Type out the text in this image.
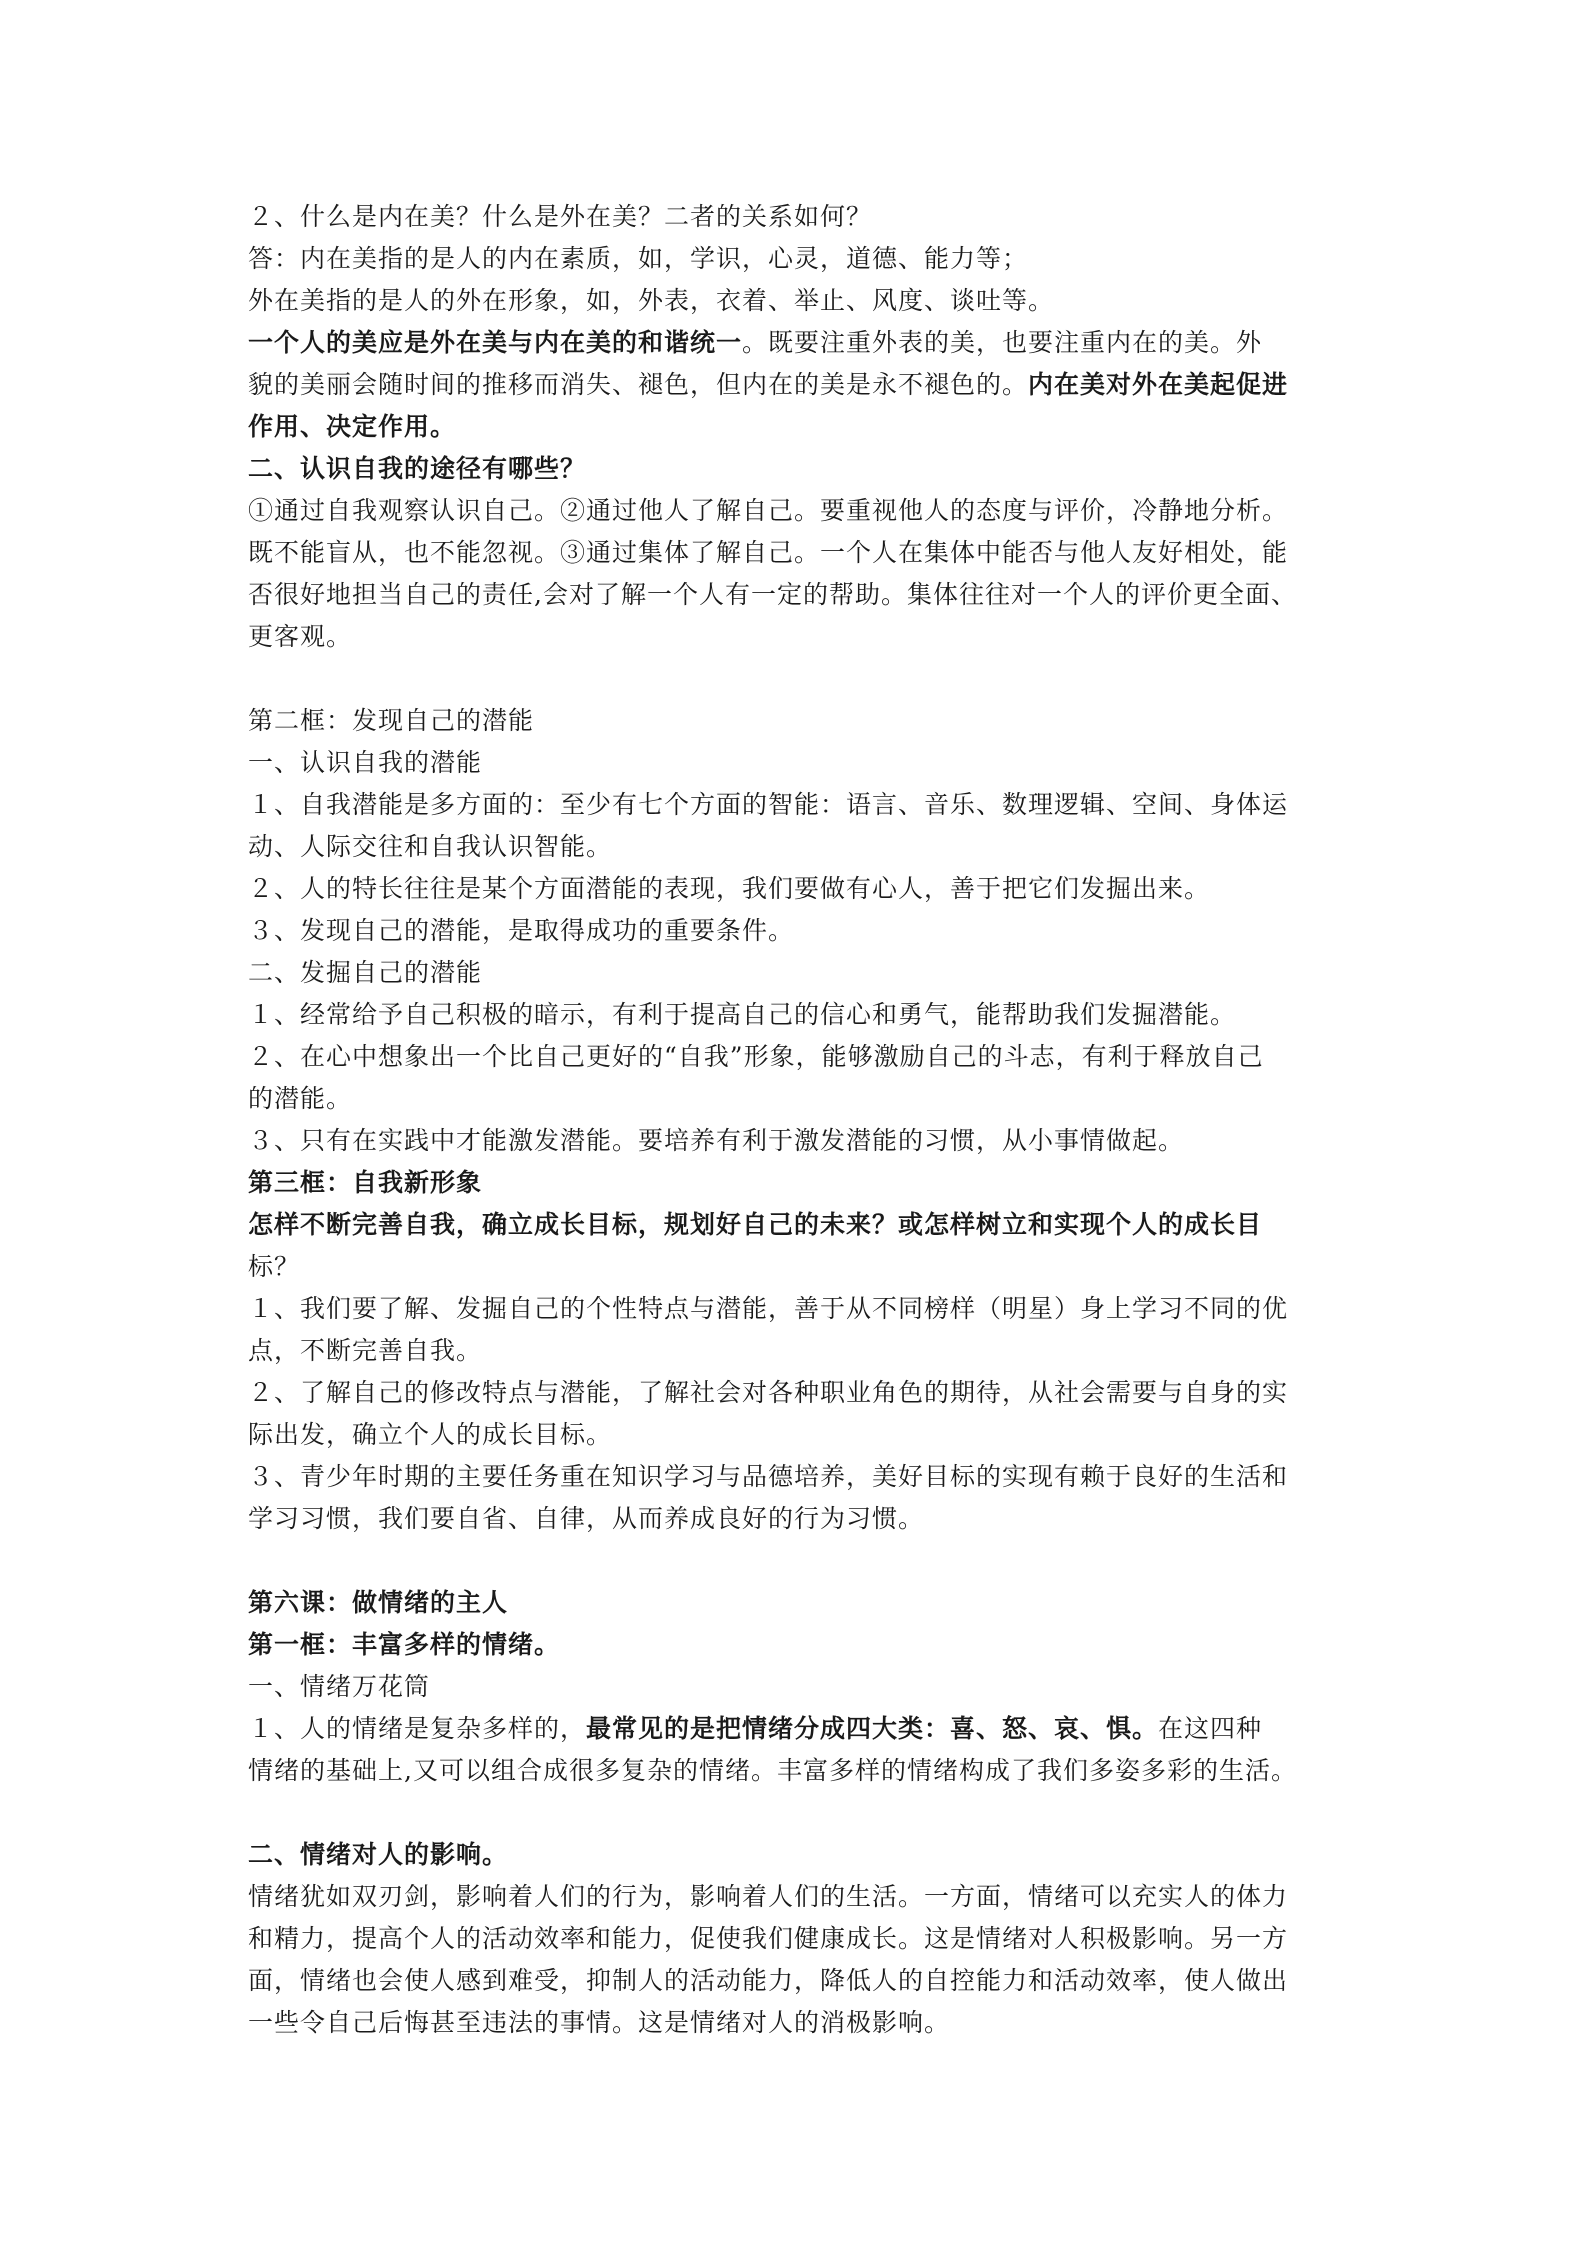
２、什么是内在美？什么是外在美？二者的关系如何？
答：内在美指的是人的内在素质，如，学识，心灵，道德、能力等；
外在美指的是人的外在形象，如，外表，衣着、举止、风度、谈吐等。
一个人的美应是外在美与内在美的和谐统一。既要注重外表的美，也要注重内在的美。外
貌的美丽会随时间的推移而消失、褪色，但内在的美是永不褪色的。内在美对外在美起促进
作用、决定作用。
二、认识自我的途径有哪些？
①通过自我观察认识自己。②通过他人了解自己。要重视他人的态度与评价，冷静地分析。
既不能盲从，也不能忽视。③通过集体了解自己。一个人在集体中能否与他人友好相处，能
否很好地担当自己的责任,会对了解一个人有一定的帮助。集体往往对一个人的评价更全面、
更客观。
第二框：发现自己的潜能
一、认识自我的潜能
１、自我潜能是多方面的：至少有七个方面的智能：语言、音乐、数理逻辑、空间、身体运
动、人际交往和自我认识智能。
２、人的特长往往是某个方面潜能的表现，我们要做有心人，善于把它们发掘出来。
３、发现自己的潜能，是取得成功的重要条件。
二、发掘自己的潜能
１、经常给予自己积极的暗示，有利于提高自己的信心和勇气，能帮助我们发掘潜能。
２、在心中想象出一个比自己更好的“自我”形象，能够激励自己的斗志，有利于释放自己
的潜能。
３、只有在实践中才能激发潜能。要培养有利于激发潜能的习惯，从小事情做起。
第三框：自我新形象
怎样不断完善自我，确立成长目标，规划好自己的未来？或怎样树立和实现个人的成长目
标？
１、我们要了解、发掘自己的个性特点与潜能，善于从不同榜样（明星）身上学习不同的优
点，不断完善自我。
２、了解自己的修改特点与潜能，了解社会对各种职业角色的期待，从社会需要与自身的实
际出发，确立个人的成长目标。
３、青少年时期的主要任务重在知识学习与品德培养，美好目标的实现有赖于良好的生活和
学习习惯，我们要自省、自律，从而养成良好的行为习惯。
第六课：做情绪的主人
第一框：丰富多样的情绪。
一、情绪万花筒
１、人的情绪是复杂多样的，最常见的是把情绪分成四大类：喜、怒、哀、惧。在这四种
情绪的基础上,又可以组合成很多复杂的情绪。丰富多样的情绪构成了我们多姿多彩的生活。
二、情绪对人的影响。
情绪犹如双刃剑，影响着人们的行为，影响着人们的生活。一方面，情绪可以充实人的体力
和精力，提高个人的活动效率和能力，促使我们健康成长。这是情绪对人积极影响。另一方
面，情绪也会使人感到难受，抑制人的活动能力，降低人的自控能力和活动效率，使人做出
一些令自己后悔甚至违法的事情。这是情绪对人的消极影响。
